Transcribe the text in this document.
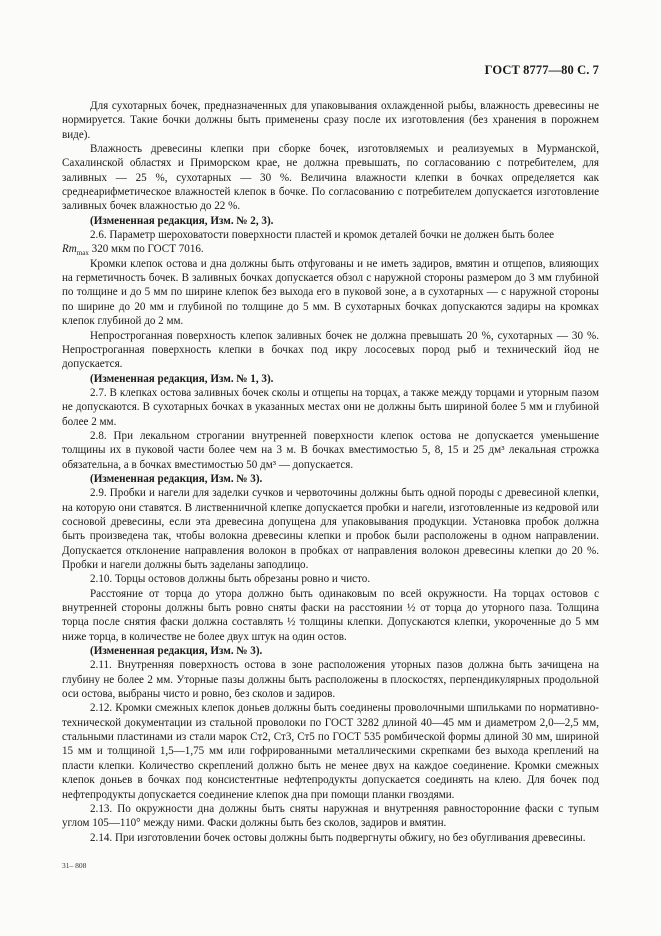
ГОСТ 8777—80 С. 7

Для сухотарных бочек, предназначенных для упаковывания охлажденной рыбы, влажность древесины не нормируется. Такие бочки должны быть применены сразу после их изготовления (без хранения в порожнем виде).

Влажность древесины клепки при сборке бочек, изготовляемых и реализуемых в Мурманской, Сахалинской областях и Приморском крае, не должна превышать, по согласованию с потребителем, для заливных — 25 %, сухотарных — 30 %. Величина влажности клепки в бочках определяется как среднеарифметическое влажностей клепок в бочке. По согласованию с потребителем допускается изготовление заливных бочек влажностью до 22 %.

(Измененная редакция, Изм. № 2, 3).

2.6. Параметр шероховатости поверхности пластей и кромок деталей бочки не должен быть более

$Rm_{max}$ 320 мкм по ГОСТ 7016.

Кромки клепок остова и дна должны быть отфугованы и не иметь задиров, вмятин и отщепов, влияющих на герметичность бочек. В заливных бочках допускается обзол с наружной стороны размером до 3 мм глубиной по толщине и до 5 мм по ширине клепок без выхода его в пуковой зоне, а в сухотарных — с наружной стороны по ширине до 20 мм и глубиной по толщине до 5 мм. В сухотарных бочках допускаются задиры на кромках клепок глубиной до 2 мм.

Непрострoганная поверхность клепок заливных бочек не должна превышать 20 %, сухотарных — 30 %. Непрострoганная поверхность клепки в бочках под икру лососевых пород рыб и технический йод не допускается.

(Измененная редакция, Изм. № 1, 3).

2.7. В клепках остова заливных бочек сколы и отщепы на торцах, а также между торцами и уторным пазом не допускаются. В сухотарных бочках в указанных местах они не должны быть шириной более 5 мм и глубиной более 2 мм.

2.8. При лекальном строгании внутренней поверхности клепок остова не допускается уменьшение толщины их в пуковой части более чем на 3 м. В бочках вместимостью 5, 8, 15 и 25 дм³ лекальная строжка обязательна, а в бочках вместимостью 50 дм³ — допускается.

(Измененная редакция, Изм. № 3).

2.9. Пробки и нагели для заделки сучков и червоточины должны быть одной породы с древесиной клепки, на которую они ставятся. В лиственничной клепке допускается пробки и нагели, изготовленные из кедровой или сосновой древесины, если эта древесина допущена для упаковывания продукции. Установка пробок должна быть произведена так, чтобы волокна древесины клепки и пробок были расположены в одном направлении. Допускается отклонение направления волокон в пробках от направления волокон древесины клепки до 20 %. Пробки и нагели должны быть заделаны заподлицо.

2.10. Торцы остовов должны быть обрезаны ровно и чисто.

Расстояние от торца до утора должно быть одинаковым по всей окружности. На торцах остовов с внутренней стороны должны быть ровно сняты фаски на расстоянии ½ от торца до уторного паза. Толщина торца после снятия фаски должна составлять ½ толщины клепки. Допускаются клепки, укороченные до 5 мм ниже торца, в количестве не более двух штук на один остов.

(Измененная редакция, Изм. № 3).

2.11. Внутренняя поверхность остова в зоне расположения уторных пазов должна быть зачищена на глубину не более 2 мм. Уторные пазы должны быть расположены в плоскостях, перпендикулярных продольной оси остова, выбраны чисто и ровно, без сколов и задиров.

2.12. Кромки смежных клепок доньев должны быть соединены проволочными шпильками по нормативно-технической документации из стальной проволоки по ГОСТ 3282 длиной 40—45 мм и диаметром 2,0—2,5 мм, стальными пластинами из стали марок Ст2, Ст3, Ст5 по ГОСТ 535 ромбической формы длиной 30 мм, шириной 15 мм и толщиной 1,5—1,75 мм или гофрированными металлическими скрепками без выхода креплений на пласти клепки. Количество скреплений должно быть не менее двух на каждое соединение. Кромки смежных клепок доньев в бочках под консистентные нефтепродукты допускается соединять на клею. Для бочек под нефтепродукты допускается соединение клепок дна при помощи планки гвоздями.

2.13. По окружности дна должны быть сняты наружная и внутренняя равносторонние фаски с тупым углом 105—110° между ними. Фаски должны быть без сколов, задиров и вмятин.

2.14. При изготовлении бочек остовы должны быть подвергнуты обжигу, но без обугливания древесины.

31– 808
